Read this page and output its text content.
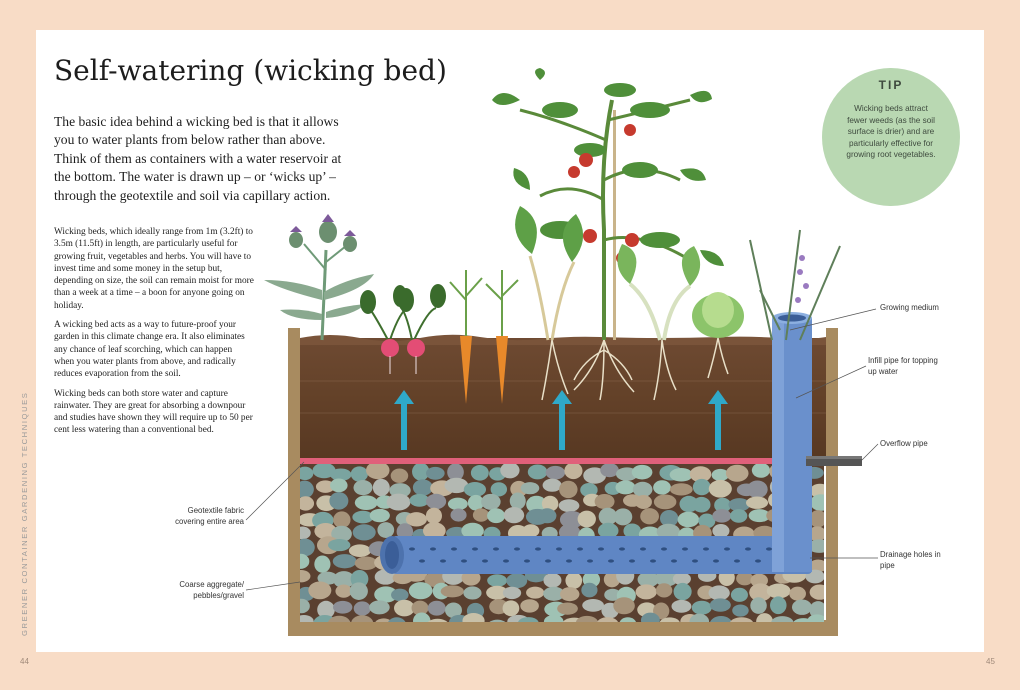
Self-watering (wicking bed)
The basic idea behind a wicking bed is that it allows you to water plants from below rather than above. Think of them as containers with a water reservoir at the bottom. The water is drawn up – or ‘wicks up’ – through the geotextile and soil via capillary action.

Wicking beds, which ideally range from 1m (3.2ft) to 3.5m (11.5ft) in length, are particularly useful for growing fruit, vegetables and herbs. You will have to invest time and some money in the setup but, depending on size, the soil can remain moist for more than a week at a time – a boon for anyone going on holiday.

A wicking bed acts as a way to future-proof your garden in this climate change era. It also eliminates any chance of leaf scorching, which can happen when you water plants from above, and radically reduces evaporation from the soil.

Wicking beds can both store water and capture rainwater. They are great for absorbing a downpour and studies have shown they will require up to 50 per cent less watering than a conventional bed.

GREENER CONTAINER GARDENING TECHNIQUES
44	45
TIP
Wicking beds attract fewer weeds (as the soil surface is drier) and are particularly effective for growing root vegetables.
Growing medium
Infill pipe for topping up water
Overflow pipe
Drainage holes in pipe
Geotextile fabric covering entire area
Coarse aggregate/ pebbles/gravel
